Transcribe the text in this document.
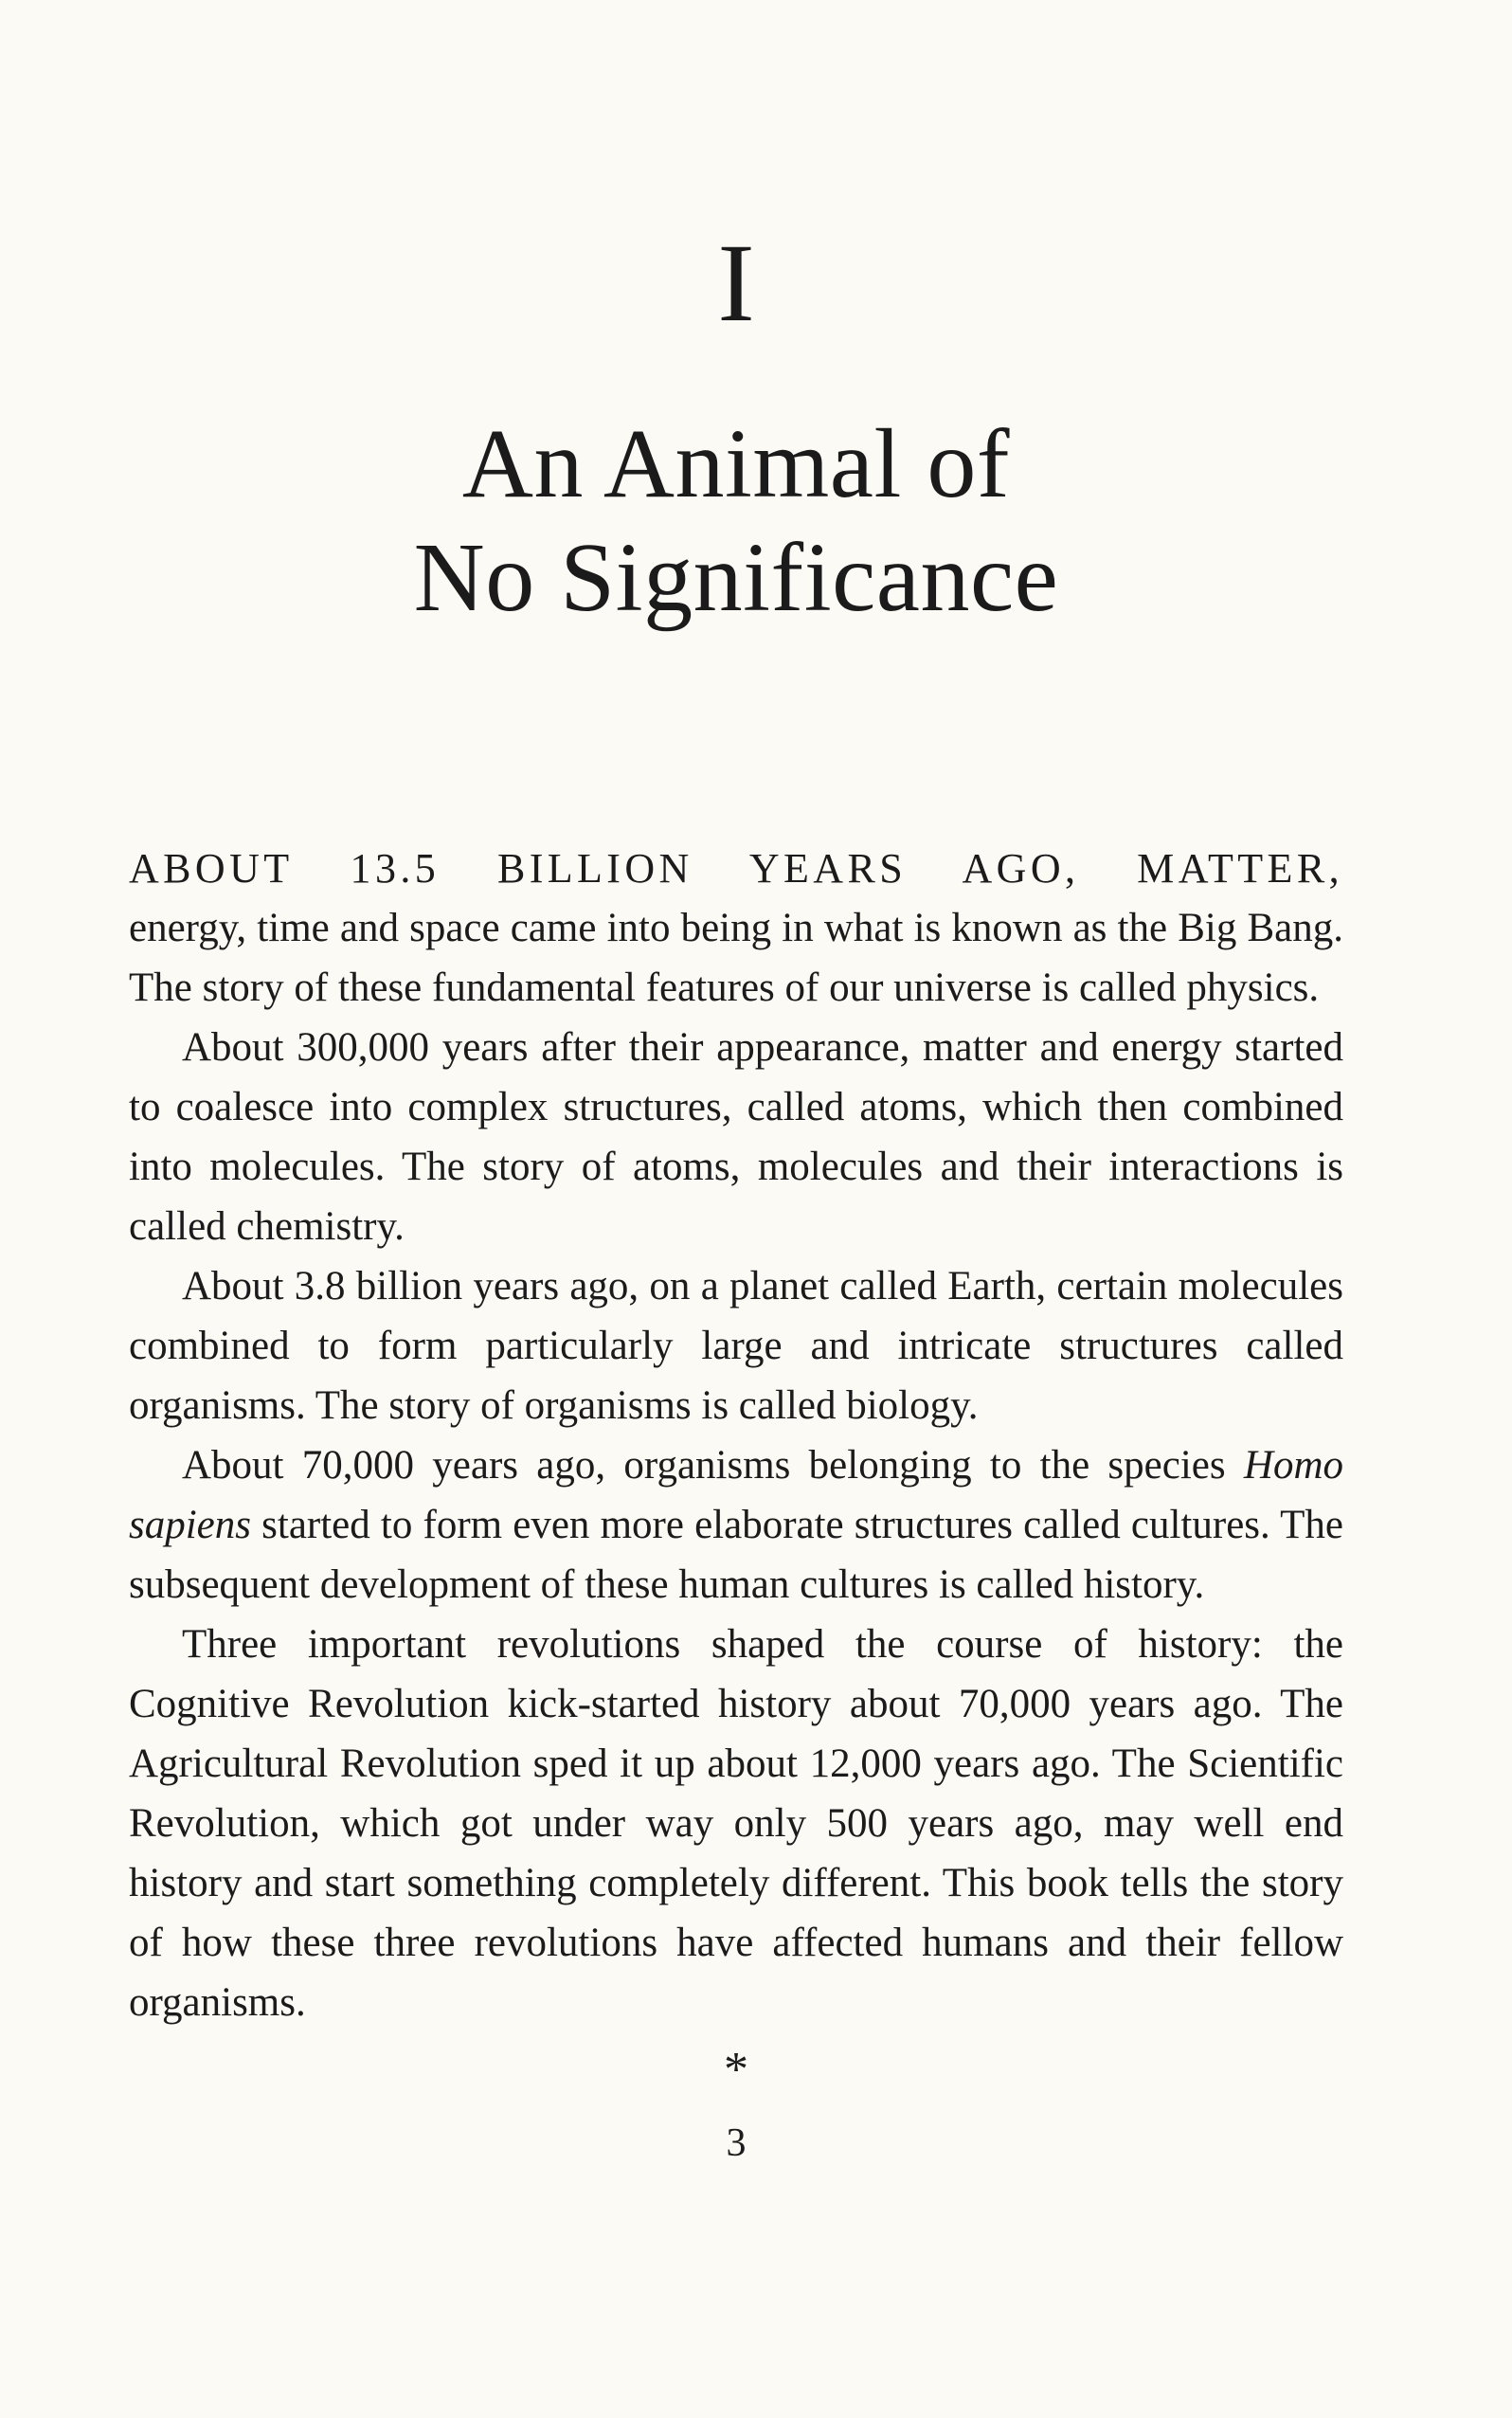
I
An Animal of
No Significance

ABOUT 13.5 BILLION YEARS AGO, MATTER,
energy, time and space came into being in what is known as the Big Bang. The story of these fundamental features of our universe is called physics.

About 300,000 years after their appearance, matter and energy started to coalesce into complex structures, called atoms, which then combined into molecules. The story of atoms, molecules and their interactions is called chemistry.

About 3.8 billion years ago, on a planet called Earth, certain molecules combined to form particularly large and intricate structures called organisms. The story of organisms is called biology.

About 70,000 years ago, organisms belonging to the species Homo sapiens started to form even more elaborate structures called cultures. The subsequent development of these human cultures is called history.

Three important revolutions shaped the course of history: the Cognitive Revolution kick-started history about 70,000 years ago. The Agricultural Revolution sped it up about 12,000 years ago. The Scientific Revolution, which got under way only 500 years ago, may well end history and start something completely different. This book tells the story of how these three revolutions have affected humans and their fellow organisms.

*
3
